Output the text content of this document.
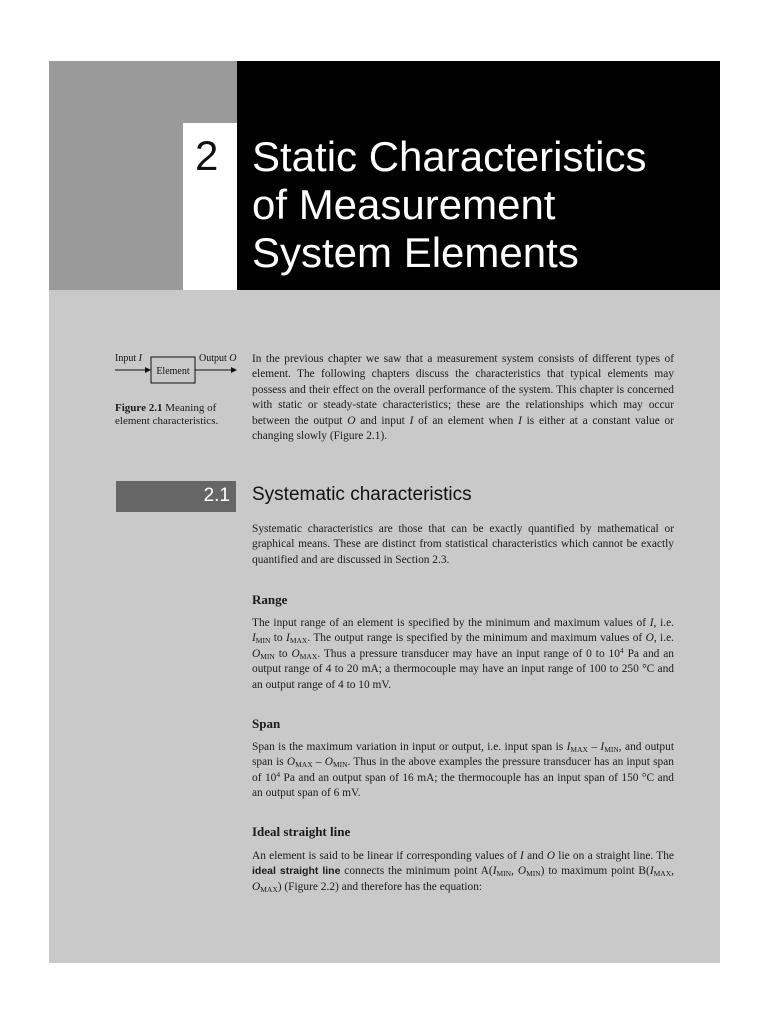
2 Static Characteristics
of Measurement
System Elements
Input I
Element
Output O
Figure 2.1 Meaning of element characteristics.
In the previous chapter we saw that a measurement system consists of different types of element. The following chapters discuss the characteristics that typical elements may possess and their effect on the overall performance of the system. This chapter is concerned with static or steady-state characteristics; these are the relationships which may occur between the output O and input I of an element when I is either at a constant value or changing slowly (Figure 2.1).
2.1 Systematic characteristics
Systematic characteristics are those that can be exactly quantified by mathematical or graphical means. These are distinct from statistical characteristics which cannot be exactly quantified and are discussed in Section 2.3.
Range
The input range of an element is specified by the minimum and maximum values of I, i.e. $I_{MIN}$ to $I_{MAX}$. The output range is specified by the minimum and maximum values of O, i.e. $O_{MIN}$ to $O_{MAX}$. Thus a pressure transducer may have an input range of 0 to $10^4$ Pa and an output range of 4 to 20 mA; a thermocouple may have an input range of 100 to 250 °C and an output range of 4 to 10 mV.
Span
Span is the maximum variation in input or output, i.e. input span is $I_{MAX} - I_{MIN}$, and output span is $O_{MAX} - O_{MIN}$. Thus in the above examples the pressure transducer has an input span of $10^4$ Pa and an output span of 16 mA; the thermocouple has an input span of 150 °C and an output span of 6 mV.
Ideal straight line
An element is said to be linear if corresponding values of I and O lie on a straight line. The ideal straight line connects the minimum point $A(I_{MIN}$, $O_{MIN}$) to maximum point $B(I_{MAX}$, $O_{MAX}$) (Figure 2.2) and therefore has the equation:
